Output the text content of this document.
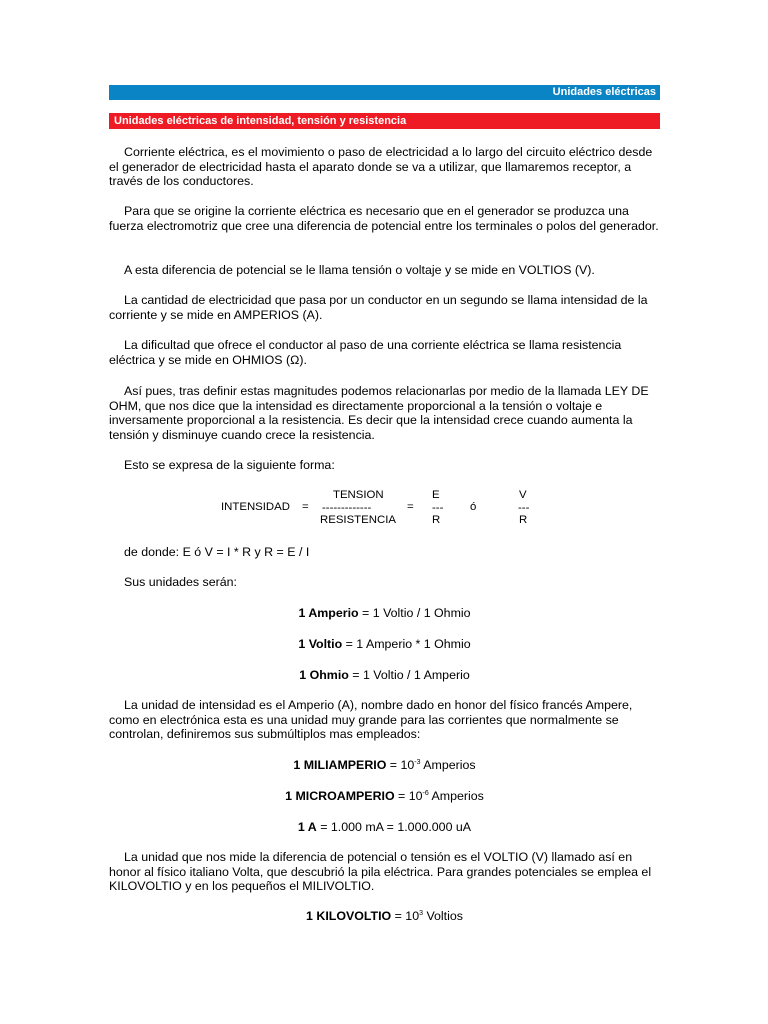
Unidades eléctricas
Unidades eléctricas de intensidad, tensión y resistencia

Corriente eléctrica, es el movimiento o paso de electricidad a lo largo del circuito eléctrico desde el generador de electricidad hasta el aparato donde se va a utilizar, que llamaremos receptor, a través de los conductores.

Para que se origine la corriente eléctrica es necesario que en el generador se produzca una fuerza electromotriz que cree una diferencia de potencial entre los terminales o polos del generador.

A esta diferencia de potencial se le llama tensión o voltaje y se mide en VOLTIOS (V).

La cantidad de electricidad que pasa por un conductor en un segundo se llama intensidad de la corriente y se mide en AMPERIOS (A).

La dificultad que ofrece el conductor al paso de una corriente eléctrica se llama resistencia eléctrica y se mide en OHMIOS (Ω).

Así pues, tras definir estas magnitudes podemos relacionarlas por medio de la llamada LEY DE OHM, que nos dice que la intensidad es directamente proporcional a la tensión o voltaje e inversamente proporcional a la resistencia. Es decir que la intensidad crece cuando aumenta la tensión y disminuye cuando crece la resistencia.

Esto se expresa de la siguiente forma:

INTENSIDAD =
TENSION
-------------
RESISTENCIA
=
E
---
R
ó
V
---
R

de donde: E ó V = I * R y R = E / I

Sus unidades serán:

1 Amperio = 1 Voltio / 1 Ohmio

1 Voltio = 1 Amperio * 1 Ohmio

1 Ohmio = 1 Voltio / 1 Amperio

La unidad de intensidad es el Amperio (A), nombre dado en honor del físico francés Ampere, como en electrónica esta es una unidad muy grande para las corrientes que normalmente se controlan, definiremos sus submúltiplos mas empleados:

1 MILIAMPERIO = $10^{-3}$ Amperios

1 MICROAMPERIO = $10^{-6}$ Amperios

1 A = 1.000 mA = 1.000.000 uA

La unidad que nos mide la diferencia de potencial o tensión es el VOLTIO (V) llamado así en honor al físico italiano Volta, que descubrió la pila eléctrica. Para grandes potenciales se emplea el KILOVOLTIO y en los pequeños el MILIVOLTIO.

1 KILOVOLTIO = $10^3$ Voltios
